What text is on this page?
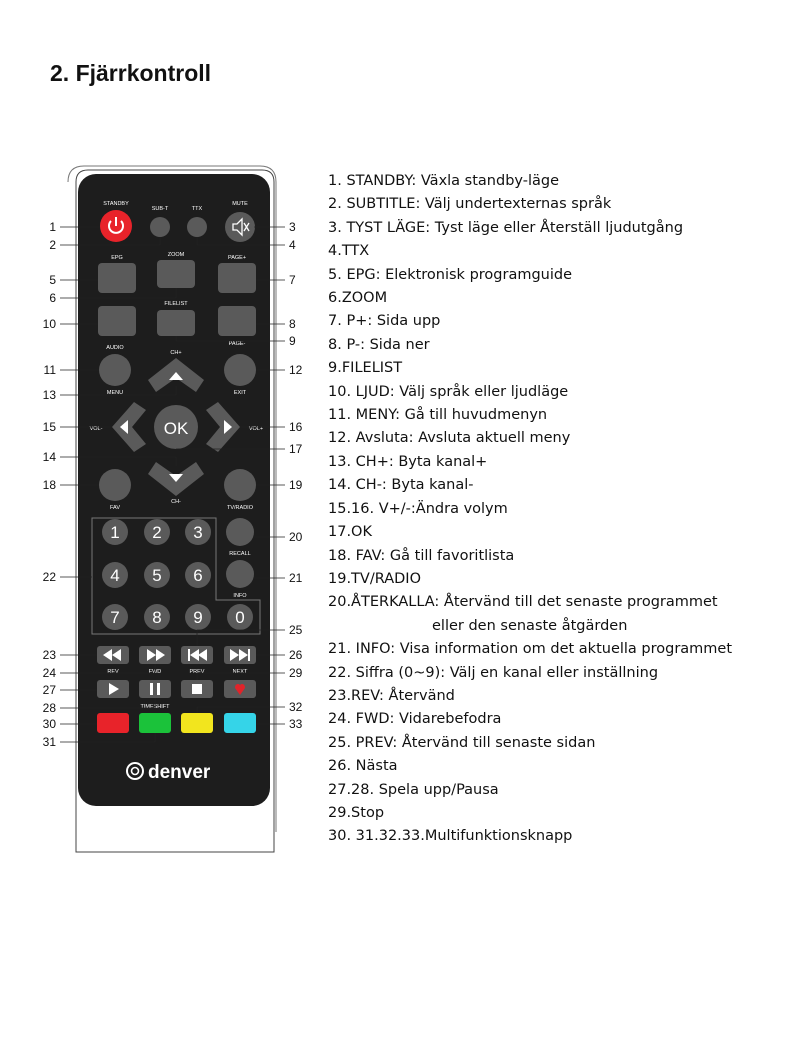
2. Fjärrkontroll
1. STANDBY: Växla standby-läge
2. SUBTITLE: Välj undertexternas språk
3. TYST LÄGE: Tyst läge eller Återställ ljudutgång
4.TTX
5. EPG: Elektronisk programguide
6.ZOOM
7. P+: Sida upp
8. P-: Sida ner
9.FILELIST
10. LJUD: Välj språk eller ljudläge
11. MENY: Gå till huvudmenyn
12. Avsluta: Avsluta aktuell meny
13. CH+: Byta kanal+
14. CH-: Byta kanal-
15.16. V+/-:Ändra volym
17.OK
18. FAV: Gå till favoritlista
19.TV/RADIO
20.ÅTERKALLA: Återvänd till det senaste programmet
eller den senaste åtgärden
21. INFO: Visa information om det aktuella programmet
22. Siffra (0~9): Välj en kanal eller inställning
23.REV: Återvänd
24. FWD: Vidarebefodra
25. PREV: Återvänd till senaste sidan
26. Nästa
27.28. Spela upp/Pausa
29.Stop
30. 31.32.33.Multifunktionsknapp
STANDBY
SUB-T	TTX
MUTE
EPG	ZOOM	PAGE+
FILELIST
PAGE-
AUDIO
MENU	EXIT
CH+
VOL-	VOL+
OK
CH-
FAV	TV/RADIO
1 2 3
4 5 6
7 8 9 0
RECALL
INFO
REV	FWD	PREV	NEXT
TIMESHIFT
denver
1
2
3
4
5
6
7
8
9
10
11	12
13
14
15	16
17
18	19
20
21
22
23
24
25
26
27
28
29
30
31
32
33
